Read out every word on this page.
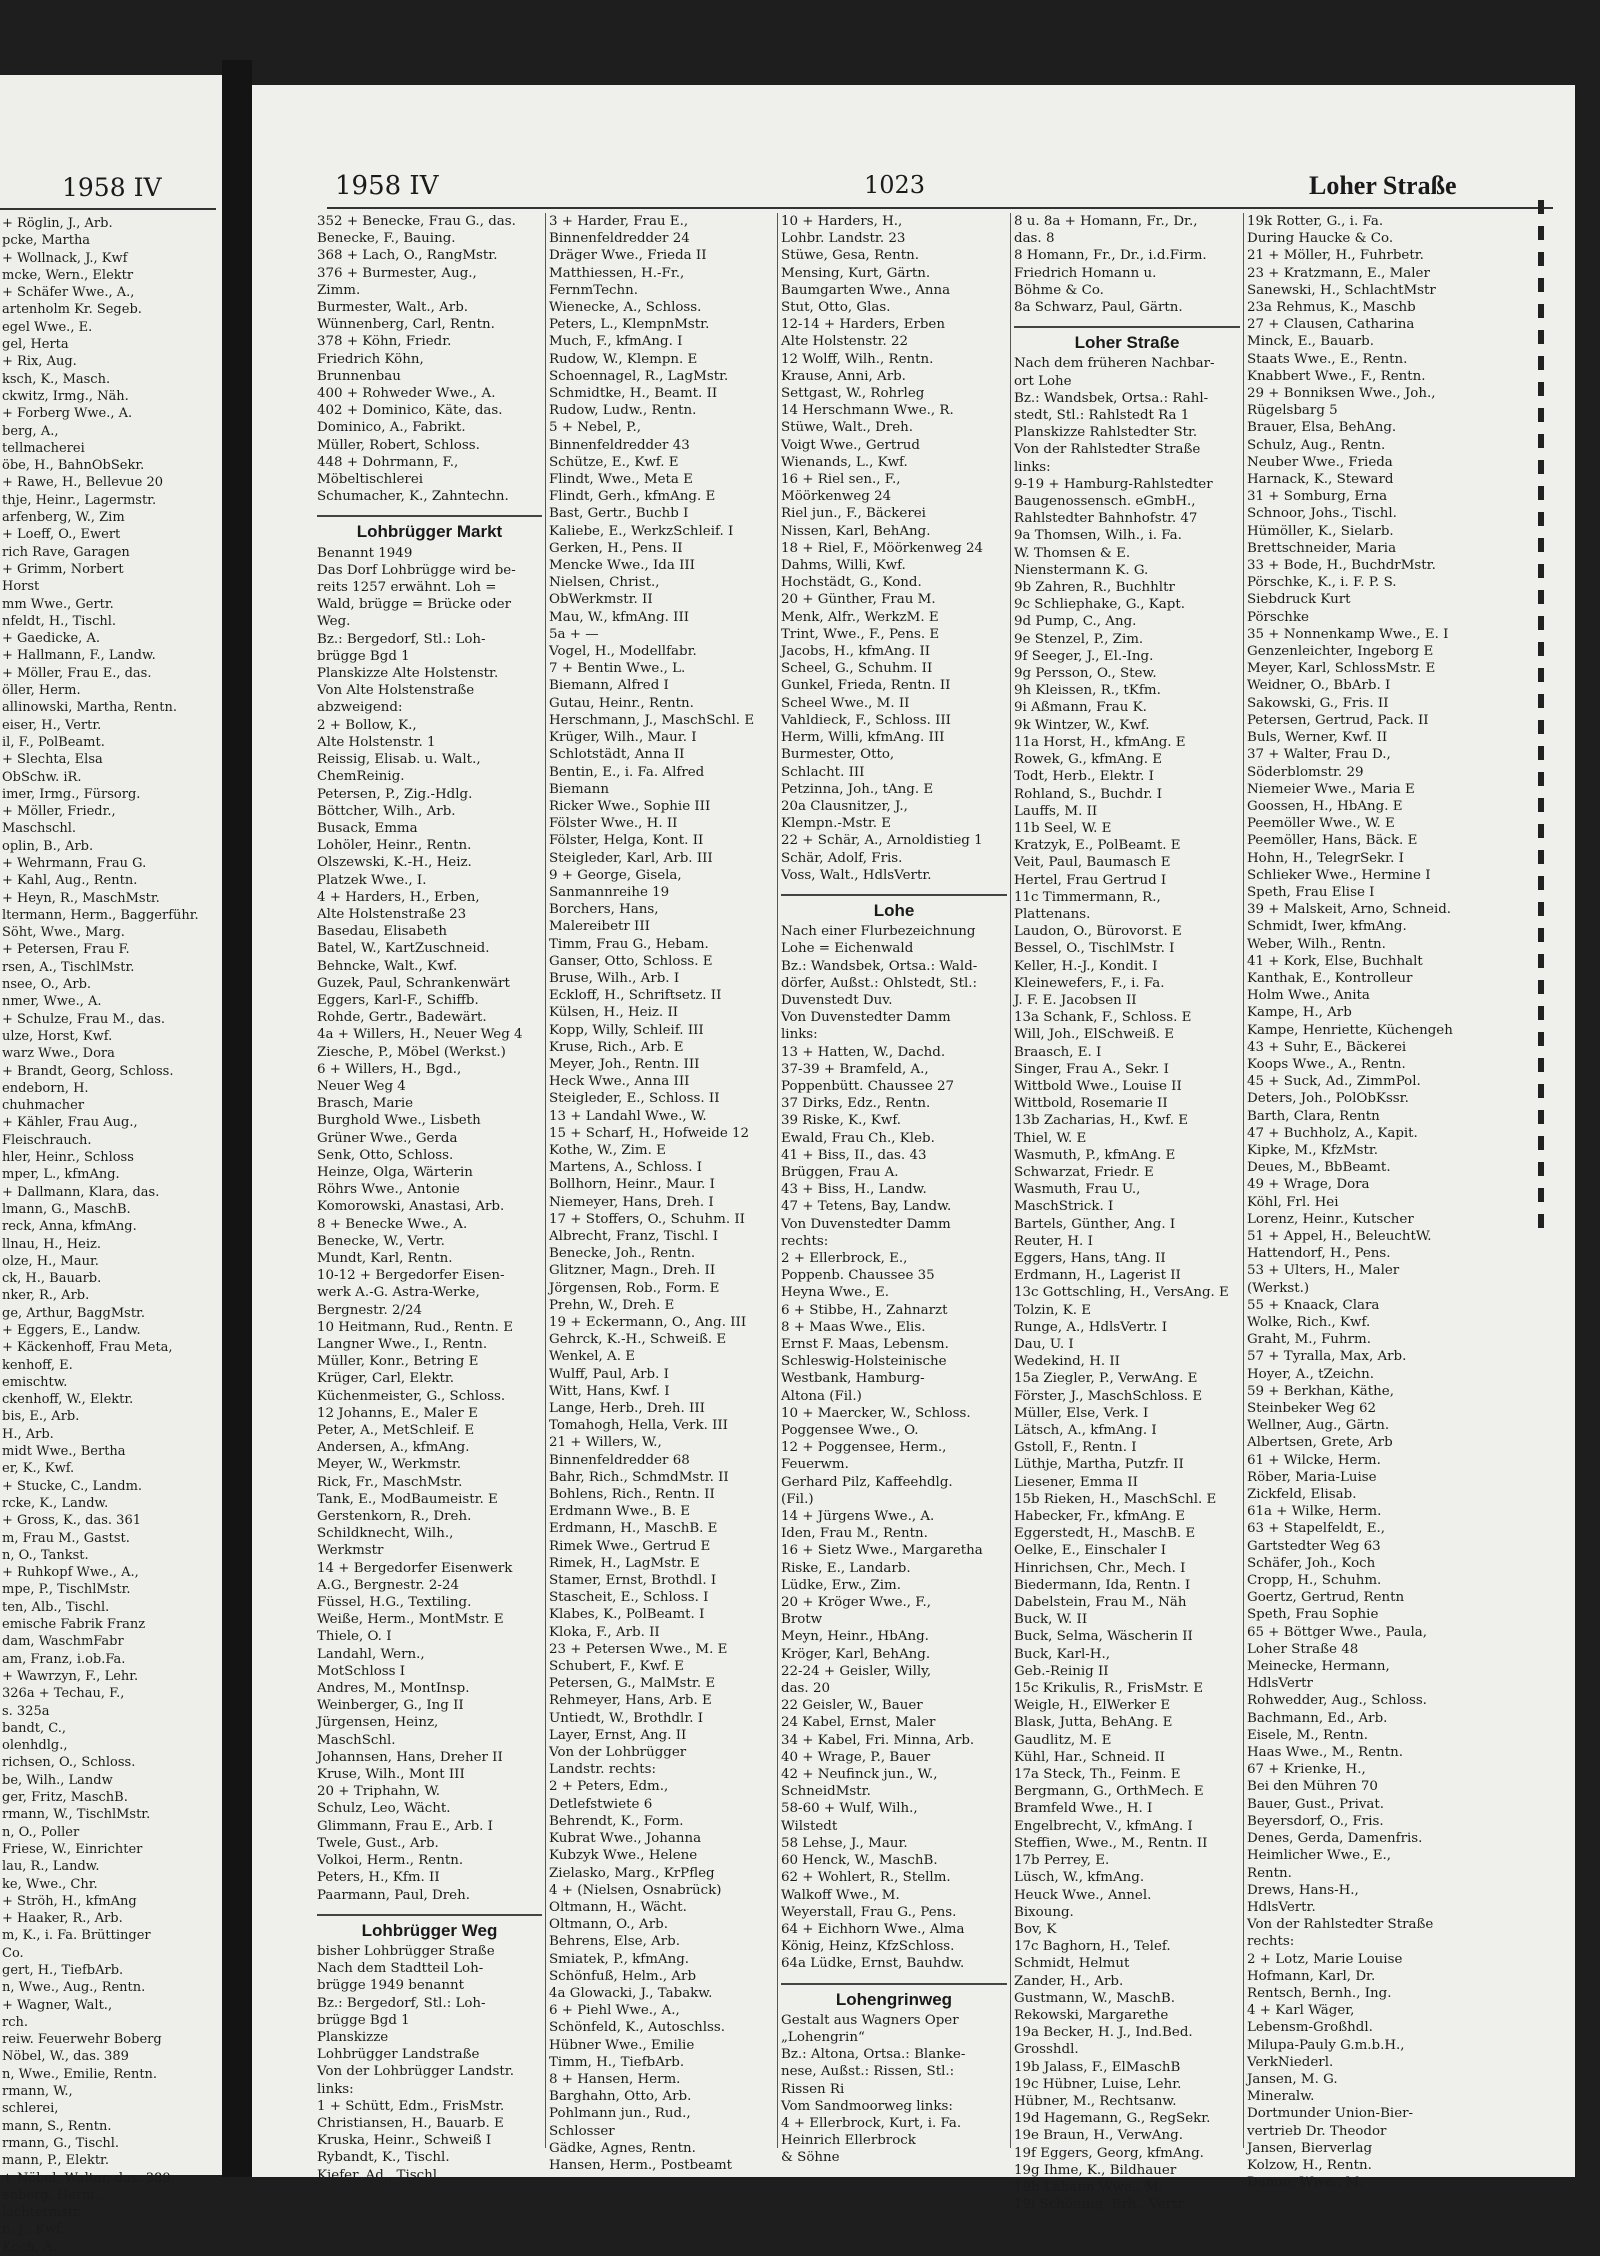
1958 IV
+ Röglin, J., Arb.
pcke, Martha
+ Wollnack, J., Kwf
mcke, Wern., Elektr
+ Schäfer Wwe., A.,
artenholm Kr. Segeb.
egel Wwe., E.
gel, Herta
+ Rix, Aug.
ksch, K., Masch.
ckwitz, Irmg., Näh.
+ Forberg Wwe., A.
berg, A.,
tellmacherei
öbe, H., BahnObSekr.
+ Rawe, H., Bellevue 20
thje, Heinr., Lagermstr.
arfenberg, W., Zim
+ Loeff, O., Ewert
rich Rave, Garagen
+ Grimm, Norbert
Horst
mm Wwe., Gertr.
nfeldt, H., Tischl.
+ Gaedicke, A.
+ Hallmann, F., Landw.
+ Möller, Frau E., das.
öller, Herm.
allinowski, Martha, Rentn.
eiser, H., Vertr.
il, F., PolBeamt.
+ Slechta, Elsa
ObSchw. iR.
imer, Irmg., Fürsorg.
+ Möller, Friedr.,
Maschschl.
oplin, B., Arb.
+ Wehrmann, Frau G.
+ Kahl, Aug., Rentn.
+ Heyn, R., MaschMstr.
ltermann, Herm., Baggerführ.
Söht, Wwe., Marg.
+ Petersen, Frau F.
rsen, A., TischlMstr.
nsee, O., Arb.
nmer, Wwe., A.
+ Schulze, Frau M., das.
ulze, Horst, Kwf.
warz Wwe., Dora
+ Brandt, Georg, Schloss.
endeborn, H.
chuhmacher
+ Kähler, Frau Aug.,
Fleischrauch.
hler, Heinr., Schloss
mper, L., kfmAng.
+ Dallmann, Klara, das.
lmann, G., MaschB.
reck, Anna, kfmAng.
llnau, H., Heiz.
olze, H., Maur.
ck, H., Bauarb.
nker, R., Arb.
ge, Arthur, BaggMstr.
+ Eggers, E., Landw.
+ Käckenhoff, Frau Meta,
kenhoff, E.
emischtw.
ckenhoff, W., Elektr.
bis, E., Arb.
H., Arb.
midt Wwe., Bertha
er, K., Kwf.
+ Stucke, C., Landm.
rcke, K., Landw.
+ Gross, K., das. 361
m, Frau M., Gastst.
n, O., Tankst.
+ Ruhkopf Wwe., A.,
mpe, P., TischlMstr.
ten, Alb., Tischl.
emische Fabrik Franz
dam, WaschmFabr
am, Franz, i.ob.Fa.
+ Wawrzyn, F., Lehr.
326a + Techau, F.,
s. 325a
bandt, C.,
olenhdlg.,
richsen, O., Schloss.
be, Wilh., Landw
ger, Fritz, MaschB.
rmann, W., TischlMstr.
n, O., Poller
Friese, W., Einrichter
lau, R., Landw.
ke, Wwe., Chr.
+ Ströh, H., kfmAng
+ Haaker, R., Arb.
m, K., i. Fa. Brüttinger
Co.
gert, H., TiefbArb.
n, Wwe., Aug., Rentn.
+ Wagner, Walt.,
rch.
reiw. Feuerwehr Boberg
Nöbel, W., das. 389
n, Wwe., Emilie, Rentn.
rmann, W.,
schlerei,
mann, S., Rentn.
rmann, G., Tischl.
mann, P., Elektr.
+ Nöbel, Walter, das. 389
enberg, Herm.,
lachtermstr.
n, J., Kwf.
Koch, A.
1958 IV	1023	Loher Straße
352 + Benecke, Frau G., das.
Benecke, F., Bauing.
368 + Lach, O., RangMstr.
376 + Burmester, Aug.,
Zimm.
Burmester, Walt., Arb.
Wünnenberg, Carl, Rentn.
378 + Köhn, Friedr.
Friedrich Köhn,
Brunnenbau
400 + Rohweder Wwe., A.
402 + Dominico, Käte, das.
Dominico, A., Fabrikt.
Müller, Robert, Schloss.
448 + Dohrmann, F.,
Möbeltischlerei
Schumacher, K., Zahntechn.
Lohbrügger Markt
Benannt 1949
Das Dorf Lohbrügge wird be-
reits 1257 erwähnt. Loh =
Wald, brügge = Brücke oder
Weg.
Bz.: Bergedorf, Stl.: Loh-
brügge Bgd 1
Planskizze Alte Holstenstr.
Von Alte Holstenstraße
abzweigend:
2 + Bollow, K.,
Alte Holstenstr. 1
Reissig, Elisab. u. Walt.,
ChemReinig.
Petersen, P., Zig.-Hdlg.
Böttcher, Wilh., Arb.
Busack, Emma
Lohöler, Heinr., Rentn.
Olszewski, K.-H., Heiz.
Platzek Wwe., I.
4 + Harders, H., Erben,
Alte Holstenstraße 23
Basedau, Elisabeth
Batel, W., KartZuschneid.
Behncke, Walt., Kwf.
Guzek, Paul, Schrankenwärt
Eggers, Karl-F., Schiffb.
Rohde, Gertr., Badewärt.
4a + Willers, H., Neuer Weg 4
Ziesche, P., Möbel (Werkst.)
6 + Willers, H., Bgd.,
Neuer Weg 4
Brasch, Marie
Burghold Wwe., Lisbeth
Grüner Wwe., Gerda
Senk, Otto, Schloss.
Heinze, Olga, Wärterin
Röhrs Wwe., Antonie
Komorowski, Anastasi, Arb.
8 + Benecke Wwe., A.
Benecke, W., Vertr.
Mundt, Karl, Rentn.
10-12 + Bergedorfer Eisen-
werk A.-G. Astra-Werke,
Bergnestr. 2/24
10 Heitmann, Rud., Rentn. E
Langner Wwe., I., Rentn.
Müller, Konr., Betring E
Krüger, Carl, Elektr.
Küchenmeister, G., Schloss.
12 Johanns, E., Maler E
Peter, A., MetSchleif. E
Andersen, A., kfmAng.
Meyer, W., Werkmstr.
Rick, Fr., MaschMstr.
Tank, E., ModBaumeistr. E
Gerstenkorn, R., Dreh.
Schildknecht, Wilh.,
Werkmstr
14 + Bergedorfer Eisenwerk
A.G., Bergnestr. 2-24
Füssel, H.G., Textiling.
Weiße, Herm., MontMstr. E
Thiele, O. I
Landahl, Wern.,
MotSchloss I
Andres, M., MontInsp.
Weinberger, G., Ing II
Jürgensen, Heinz,
MaschSchl.
Johannsen, Hans, Dreher II
Kruse, Wilh., Mont III
20 + Triphahn, W.
Schulz, Leo, Wächt.
Glimmann, Frau E., Arb. I
Twele, Gust., Arb.
Volkoi, Herm., Rentn.
Peters, H., Kfm. II
Paarmann, Paul, Dreh.
Lohbrügger Weg
bisher Lohbrügger Straße
Nach dem Stadtteil Loh-
brügge 1949 benannt
Bz.: Bergedorf, Stl.: Loh-
brügge Bgd 1
Planskizze
Lohbrügger Landstraße
Von der Lohbrügger Landstr.
links:
1 + Schütt, Edm., FrisMstr.
Christiansen, H., Bauarb. E
Kruska, Heinr., Schweiß I
Rybandt, K., Tischl.
Kiefer, Ad., Tischl.
3 + Harder, Frau E.,
Binnenfeldredder 24
Dräger Wwe., Frieda II
Matthiessen, H.-Fr.,
FernmTechn.
Wienecke, A., Schloss.
Peters, L., KlempnMstr.
Much, F., kfmAng. I
Rudow, W., Klempn. E
Schoennagel, R., LagMstr.
Schmidtke, H., Beamt. II
Rudow, Ludw., Rentn.
5 + Nebel, P.,
Binnenfeldredder 43
Schütze, E., Kwf. E
Flindt, Wwe., Meta E
Flindt, Gerh., kfmAng. E
Bast, Gertr., Buchb I
Kaliebe, E., WerkzSchleif. I
Gerken, H., Pens. II
Mencke Wwe., Ida III
Nielsen, Christ.,
ObWerkmstr. II
Mau, W., kfmAng. III
5a + —
Vogel, H., Modellfabr.
7 + Bentin Wwe., L.
Biemann, Alfred I
Gutau, Heinr., Rentn.
Herschmann, J., MaschSchl. E
Krüger, Wilh., Maur. I
Schlotstädt, Anna II
Bentin, E., i. Fa. Alfred
Biemann
Ricker Wwe., Sophie III
Fölster Wwe., H. II
Fölster, Helga, Kont. II
Steigleder, Karl, Arb. III
9 + George, Gisela,
Sanmannreihe 19
Borchers, Hans,
Malereibetr III
Timm, Frau G., Hebam.
Ganser, Otto, Schloss. E
Bruse, Wilh., Arb. I
Eckloff, H., Schriftsetz. II
Külsen, H., Heiz. II
Kopp, Willy, Schleif. III
Kruse, Rich., Arb. E
Meyer, Joh., Rentn. III
Heck Wwe., Anna III
Steigleder, E., Schloss. II
13 + Landahl Wwe., W.
15 + Scharf, H., Hofweide 12
Kothe, W., Zim. E
Martens, A., Schloss. I
Bollhorn, Heinr., Maur. I
Niemeyer, Hans, Dreh. I
17 + Stoffers, O., Schuhm. II
Albrecht, Franz, Tischl. I
Benecke, Joh., Rentn.
Glitzner, Magn., Dreh. II
Jörgensen, Rob., Form. E
Prehn, W., Dreh. E
19 + Eckermann, O., Ang. III
Gehrck, K.-H., Schweiß. E
Wenkel, A. E
Wulff, Paul, Arb. I
Witt, Hans, Kwf. I
Lange, Herb., Dreh. III
Tomahogh, Hella, Verk. III
21 + Willers, W.,
Binnenfeldredder 68
Bahr, Rich., SchmdMstr. II
Bohlens, Rich., Rentn. II
Erdmann Wwe., B. E
Erdmann, H., MaschB. E
Rimek Wwe., Gertrud E
Rimek, H., LagMstr. E
Stamer, Ernst, Brothdl. I
Stascheit, E., Schloss. I
Klabes, K., PolBeamt. I
Kloka, F., Arb. II
23 + Petersen Wwe., M. E
Schubert, F., Kwf. E
Petersen, G., MalMstr. E
Rehmeyer, Hans, Arb. E
Untiedt, W., Brothdlr. I
Layer, Ernst, Ang. II
Von der Lohbrügger
Landstr. rechts:
2 + Peters, Edm.,
Detlefstwiete 6
Behrendt, K., Form.
Kubrat Wwe., Johanna
Kubzyk Wwe., Helene
Zielasko, Marg., KrPfleg
4 + (Nielsen, Osnabrück)
Oltmann, H., Wächt.
Oltmann, O., Arb.
Behrens, Else, Arb.
Smiatek, P., kfmAng.
Schönfuß, Helm., Arb
4a Glowacki, J., Tabakw.
6 + Piehl Wwe., A.,
Schönfeld, K., Autoschlss.
Hübner Wwe., Emilie
Timm, H., TiefbArb.
8 + Hansen, Herm.
Barghahn, Otto, Arb.
Pohlmann jun., Rud.,
Schlosser
Gädke, Agnes, Rentn.
Hansen, Herm., Postbeamt
10 + Harders, H.,
Lohbr. Landstr. 23
Stüwe, Gesa, Rentn.
Mensing, Kurt, Gärtn.
Baumgarten Wwe., Anna
Stut, Otto, Glas.
12-14 + Harders, Erben
Alte Holstenstr. 22
12 Wolff, Wilh., Rentn.
Krause, Anni, Arb.
Settgast, W., Rohrleg
14 Herschmann Wwe., R.
Stüwe, Walt., Dreh.
Voigt Wwe., Gertrud
Wienands, L., Kwf.
16 + Riel sen., F.,
Möörkenweg 24
Riel jun., F., Bäckerei
Nissen, Karl, BehAng.
18 + Riel, F., Möörkenweg 24
Dahms, Willi, Kwf.
Hochstädt, G., Kond.
20 + Günther, Frau M.
Menk, Alfr., WerkzM. E
Trint, Wwe., F., Pens. E
Jacobs, H., kfmAng. II
Scheel, G., Schuhm. II
Gunkel, Frieda, Rentn. II
Scheel Wwe., M. II
Vahldieck, F., Schloss. III
Herm, Willi, kfmAng. III
Burmester, Otto,
Schlacht. III
Petzinna, Joh., tAng. E
20a Clausnitzer, J.,
Klempn.-Mstr. E
22 + Schär, A., Arnoldistieg 1
Schär, Adolf, Fris.
Voss, Walt., HdlsVertr.
Lohe
Nach einer Flurbezeichnung
Lohe = Eichenwald
Bz.: Wandsbek, Ortsa.: Wald-
dörfer, Außst.: Ohlstedt, Stl.:
Duvenstedt Duv.
Von Duvenstedter Damm
links:
13 + Hatten, W., Dachd.
37-39 + Bramfeld, A.,
Poppenbütt. Chaussee 27
37 Dirks, Edz., Rentn.
39 Riske, K., Kwf.
Ewald, Frau Ch., Kleb.
41 + Biss, II., das. 43
Brüggen, Frau A.
43 + Biss, H., Landw.
47 + Tetens, Bay, Landw.
Von Duvenstedter Damm
rechts:
2 + Ellerbrock, E.,
Poppenb. Chaussee 35
Heyna Wwe., E.
6 + Stibbe, H., Zahnarzt
8 + Maas Wwe., Elis.
Ernst F. Maas, Lebensm.
Schleswig-Holsteinische
Westbank, Hamburg-
Altona (Fil.)
10 + Maercker, W., Schloss.
Poggensee Wwe., O.
12 + Poggensee, Herm.,
Feuerwm.
Gerhard Pilz, Kaffeehdlg.
(Fil.)
14 + Jürgens Wwe., A.
Iden, Frau M., Rentn.
16 + Sietz Wwe., Margaretha
Riske, E., Landarb.
Lüdke, Erw., Zim.
20 + Kröger Wwe., F.,
Brotw
Meyn, Heinr., HbAng.
Kröger, Karl, BehAng.
22-24 + Geisler, Willy,
das. 20
22 Geisler, W., Bauer
24 Kabel, Ernst, Maler
34 + Kabel, Fri. Minna, Arb.
40 + Wrage, P., Bauer
42 + Neufinck jun., W.,
SchneidMstr.
58-60 + Wulf, Wilh.,
Wilstedt
58 Lehse, J., Maur.
60 Henck, W., MaschB.
62 + Wohlert, R., Stellm.
Walkoff Wwe., M.
Weyerstall, Frau G., Pens.
64 + Eichhorn Wwe., Alma
König, Heinz, KfzSchloss.
64a Lüdke, Ernst, Bauhdw.
Lohengrinweg
Gestalt aus Wagners Oper
„Lohengrin“
Bz.: Altona, Ortsa.: Blanke-
nese, Außst.: Rissen, Stl.:
Rissen Ri
Vom Sandmoorweg links:
4 + Ellerbrock, Kurt, i. Fa.
Heinrich Ellerbrock
& Söhne
8 u. 8a + Homann, Fr., Dr.,
das. 8
8 Homann, Fr., Dr., i.d.Firm.
Friedrich Homann u.
Böhme & Co.
8a Schwarz, Paul, Gärtn.
Loher Straße
Nach dem früheren Nachbar-
ort Lohe
Bz.: Wandsbek, Ortsa.: Rahl-
stedt, Stl.: Rahlstedt Ra 1
Planskizze Rahlstedter Str.
Von der Rahlstedter Straße
links:
9-19 + Hamburg-Rahlstedter
Baugenossensch. eGmbH.,
Rahlstedter Bahnhofstr. 47
9a Thomsen, Wilh., i. Fa.
W. Thomsen & E.
Nienstermann K. G.
9b Zahren, R., Buchhltr
9c Schliephake, G., Kapt.
9d Pump, C., Ang.
9e Stenzel, P., Zim.
9f Seeger, J., El.-Ing.
9g Persson, O., Stew.
9h Kleissen, R., tKfm.
9i Aßmann, Frau K.
9k Wintzer, W., Kwf.
11a Horst, H., kfmAng. E
Rowek, G., kfmAng. E
Todt, Herb., Elektr. I
Rohland, S., Buchdr. I
Lauffs, M. II
11b Seel, W. E
Kratzyk, E., PolBeamt. E
Veit, Paul, Baumasch E
Hertel, Frau Gertrud I
11c Timmermann, R.,
Plattenans.
Laudon, O., Bürovorst. E
Bessel, O., TischlMstr. I
Keller, H.-J., Kondit. I
Kleinewefers, F., i. Fa.
J. F. E. Jacobsen II
13a Schank, F., Schloss. E
Will, Joh., ElSchweiß. E
Braasch, E. I
Singer, Frau A., Sekr. I
Wittbold Wwe., Louise II
Wittbold, Rosemarie II
13b Zacharias, H., Kwf. E
Thiel, W. E
Wasmuth, P., kfmAng. E
Schwarzat, Friedr. E
Wasmuth, Frau U.,
MaschStrick. I
Bartels, Günther, Ang. I
Reuter, H. I
Eggers, Hans, tAng. II
Erdmann, H., Lagerist II
13c Gottschling, H., VersAng. E
Tolzin, K. E
Runge, A., HdlsVertr. I
Dau, U. I
Wedekind, H. II
15a Ziegler, P., VerwAng. E
Förster, J., MaschSchloss. E
Müller, Else, Verk. I
Lätsch, A., kfmAng. I
Gstoll, F., Rentn. I
Lüthje, Martha, Putzfr. II
Liesener, Emma II
15b Rieken, H., MaschSchl. E
Habecker, Fr., kfmAng. E
Eggerstedt, H., MaschB. E
Oelke, E., Einschaler I
Hinrichsen, Chr., Mech. I
Biedermann, Ida, Rentn. I
Dabelstein, Frau M., Näh
Buck, W. II
Buck, Selma, Wäscherin II
Buck, Karl-H.,
Geb.-Reinig II
15c Krikulis, R., FrisMstr. E
Weigle, H., ElWerker E
Blask, Jutta, BehAng. E
Gaudlitz, M. E
Kühl, Har., Schneid. II
17a Steck, Th., Feinm. E
Bergmann, G., OrthMech. E
Bramfeld Wwe., H. I
Engelbrecht, V., kfmAng. I
Steffien, Wwe., M., Rentn. II
17b Perrey, E.
Lüsch, W., kfmAng.
Heuck Wwe., Annel.
Bixoung.
Bov, K
17c Baghorn, H., Telef.
Schmidt, Helmut
Zander, H., Arb.
Gustmann, W., MaschB.
Rekowski, Margarethe
19a Becker, H. J., Ind.Bed.
Grosshdl.
19b Jalass, F., ElMaschB
19c Hübner, Luise, Lehr.
Hübner, M., Rechtsanw.
19d Hagemann, G., RegSekr.
19e Braun, H., VerwAng.
19f Eggers, Georg, kfmAng.
19g Ihme, K., Bildhauer
19h Lahann Wwe., M.
19i Schöning, Erh., Vertr.
19k Rotter, G., i. Fa.
During Haucke & Co.
21 + Möller, H., Fuhrbetr.
23 + Kratzmann, E., Maler
Sanewski, H., SchlachtMstr
23a Rehmus, K., Maschb
27 + Clausen, Catharina
Minck, E., Bauarb.
Staats Wwe., E., Rentn.
Knabbert Wwe., F., Rentn.
29 + Bonniksen Wwe., Joh.,
Rügelsbarg 5
Brauer, Elsa, BehAng.
Schulz, Aug., Rentn.
Neuber Wwe., Frieda
Harnack, K., Steward
31 + Somburg, Erna
Schnoor, Johs., Tischl.
Hümöller, K., Sielarb.
Brettschneider, Maria
33 + Bode, H., BuchdrMstr.
Pörschke, K., i. F. P. S.
Siebdruck Kurt
Pörschke
35 + Nonnenkamp Wwe., E. I
Genzenleichter, Ingeborg E
Meyer, Karl, SchlossMstr. E
Weidner, O., BbArb. I
Sakowski, G., Fris. II
Petersen, Gertrud, Pack. II
Buls, Werner, Kwf. II
37 + Walter, Frau D.,
Söderblomstr. 29
Niemeier Wwe., Maria E
Goossen, H., HbAng. E
Peemöller Wwe., W. E
Peemöller, Hans, Bäck. E
Hohn, H., TelegrSekr. I
Schlieker Wwe., Hermine I
Speth, Frau Elise I
39 + Malskeit, Arno, Schneid.
Schmidt, Iwer, kfmAng.
Weber, Wilh., Rentn.
41 + Kork, Else, Buchhalt
Kanthak, E., Kontrolleur
Holm Wwe., Anita
Kampe, H., Arb
Kampe, Henriette, Küchengeh
43 + Suhr, E., Bäckerei
Koops Wwe., A., Rentn.
45 + Suck, Ad., ZimmPol.
Deters, Joh., PolObKssr.
Barth, Clara, Rentn
47 + Buchholz, A., Kapit.
Kipke, M., KfzMstr.
Deues, M., BbBeamt.
49 + Wrage, Dora
Köhl, Frl. Hei
Lorenz, Heinr., Kutscher
51 + Appel, H., BeleuchtW.
Hattendorf, H., Pens.
53 + Ulters, H., Maler
(Werkst.)
55 + Knaack, Clara
Wolke, Rich., Kwf.
Graht, M., Fuhrm.
57 + Tyralla, Max, Arb.
Hoyer, A., tZeichn.
59 + Berkhan, Käthe,
Steinbeker Weg 62
Wellner, Aug., Gärtn.
Albertsen, Grete, Arb
61 + Wilcke, Herm.
Röber, Maria-Luise
Zickfeld, Elisab.
61a + Wilke, Herm.
63 + Stapelfeldt, E.,
Gartstedter Weg 63
Schäfer, Joh., Koch
Cropp, H., Schuhm.
Goertz, Gertrud, Rentn
Speth, Frau Sophie
65 + Böttger Wwe., Paula,
Loher Straße 48
Meinecke, Hermann,
HdlsVertr
Rohwedder, Aug., Schloss.
Bachmann, Ed., Arb.
Eisele, M., Rentn.
Haas Wwe., M., Rentn.
67 + Krienke, H.,
Bei den Mühren 70
Bauer, Gust., Privat.
Beyersdorf, O., Fris.
Denes, Gerda, Damenfris.
Heimlicher Wwe., E.,
Rentn.
Drews, Hans-H.,
HdlsVertr.
Von der Rahlstedter Straße
rechts:
2 + Lotz, Marie Louise
Hofmann, Karl, Dr.
Rentsch, Bernh., Ing.
4 + Karl Wäger,
Lebensm-Großhdl.
Milupa-Pauly G.m.b.H.,
VerkNiederl.
Jansen, M. G.
Mineralw.
Dortmunder Union-Bier-
vertrieb Dr. Theodor
Jansen, Bierverlag
Kolzow, H., Rentn.
Damm, Wwe., M.
